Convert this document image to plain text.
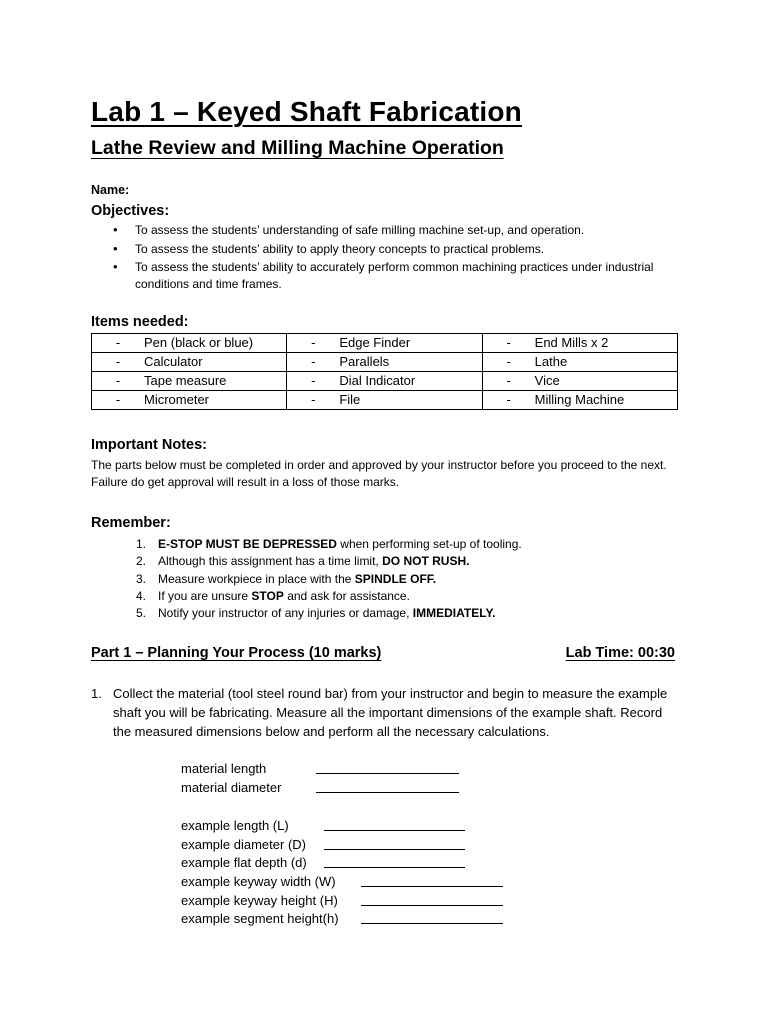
Lab 1 – Keyed Shaft Fabrication
Lathe Review and Milling Machine Operation
Name:
Objectives:
• To assess the students’ understanding of safe milling machine set-up, and operation.
• To assess the students’ ability to apply theory concepts to practical problems.
• To assess the students’ ability to accurately perform common machining practices under industrial conditions and time frames.
Items needed:
- Pen (black or blue)	- Edge Finder	- End Mills x 2
- Calculator	- Parallels	- Lathe
- Tape measure	- Dial Indicator	- Vice
- Micrometer	- File	- Milling Machine
Important Notes:
The parts below must be completed in order and approved by your instructor before you proceed to the next. Failure do get approval will result in a loss of those marks.
Remember:
1. E-STOP MUST BE DEPRESSED when performing set-up of tooling.
2. Although this assignment has a time limit, DO NOT RUSH.
3. Measure workpiece in place with the SPINDLE OFF.
4. If you are unsure STOP and ask for assistance.
5. Notify your instructor of any injuries or damage, IMMEDIATELY.
Part 1 – Planning Your Process (10 marks)	Lab Time: 00:30
1. Collect the material (tool steel round bar) from your instructor and begin to measure the example shaft you will be fabricating. Measure all the important dimensions of the example shaft. Record the measured dimensions below and perform all the necessary calculations.
material length
material diameter
example length (L)
example diameter (D)
example flat depth (d)
example keyway width (W)
example keyway height (H)
example segment height(h)
